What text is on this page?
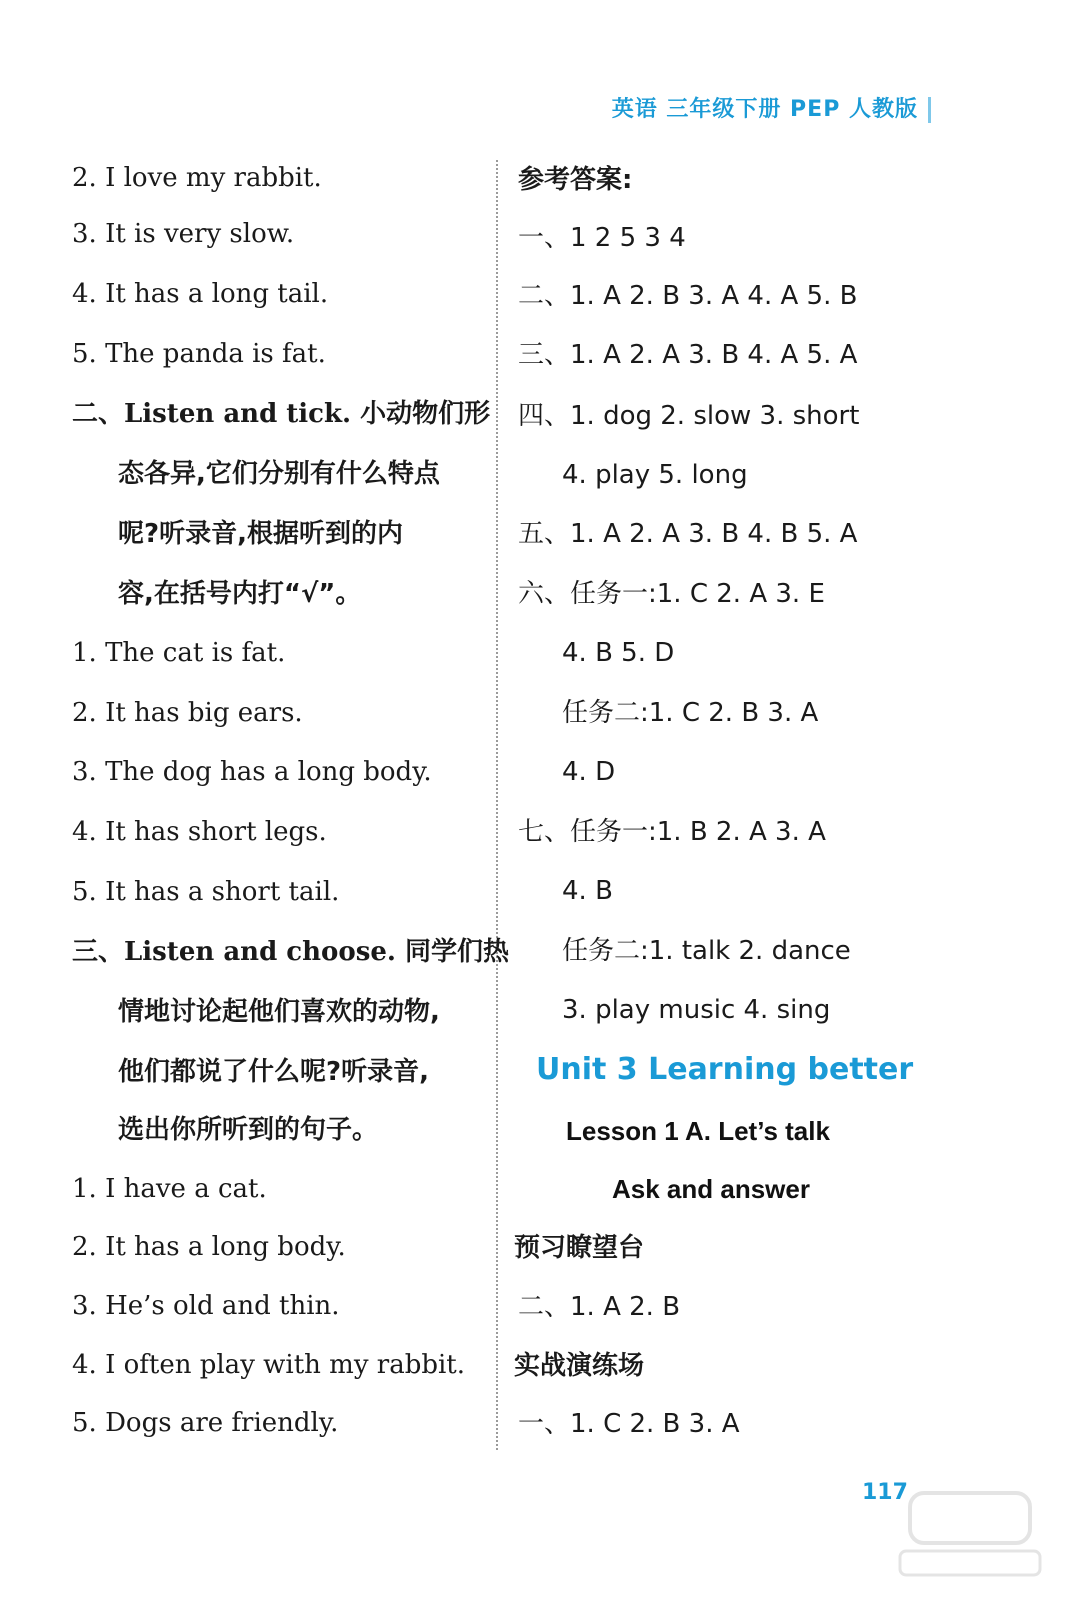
英语 三年级下册 PEP 人教版
2. I love my rabbit.
3. It is very slow.
4. It has a long tail.
5. The panda is fat.
二、Listen and tick. 小动物们形
态各异,它们分别有什么特点
呢?听录音,根据听到的内
容,在括号内打“√”。
1. The cat is fat.
2. It has big ears.
3. The dog has a long body.
4. It has short legs.
5. It has a short tail.
三、Listen and choose. 同学们热
情地讨论起他们喜欢的动物,
他们都说了什么呢?听录音,
选出你所听到的句子。
1. I have a cat.
2. It has a long body.
3. He’s old and thin.
4. I often play with my rabbit.
5. Dogs are friendly.
参考答案:
一、1 2 5 3 4
二、1. A 2. B 3. A 4. A 5. B
三、1. A 2. A 3. B 4. A 5. A
四、1. dog 2. slow 3. short
4. play 5. long
五、1. A 2. A 3. B 4. B 5. A
六、任务一:1. C 2. A 3. E
4. B 5. D
任务二:1. C 2. B 3. A
4. D
七、任务一:1. B 2. A 3. A
4. B
任务二:1. talk 2. dance
3. play music 4. sing
Unit 3 Learning better
Lesson 1 A. Let’s talk
Ask and answer
预习瞭望台
二、1. A 2. B
实战演练场
一、1. C 2. B 3. A
117
